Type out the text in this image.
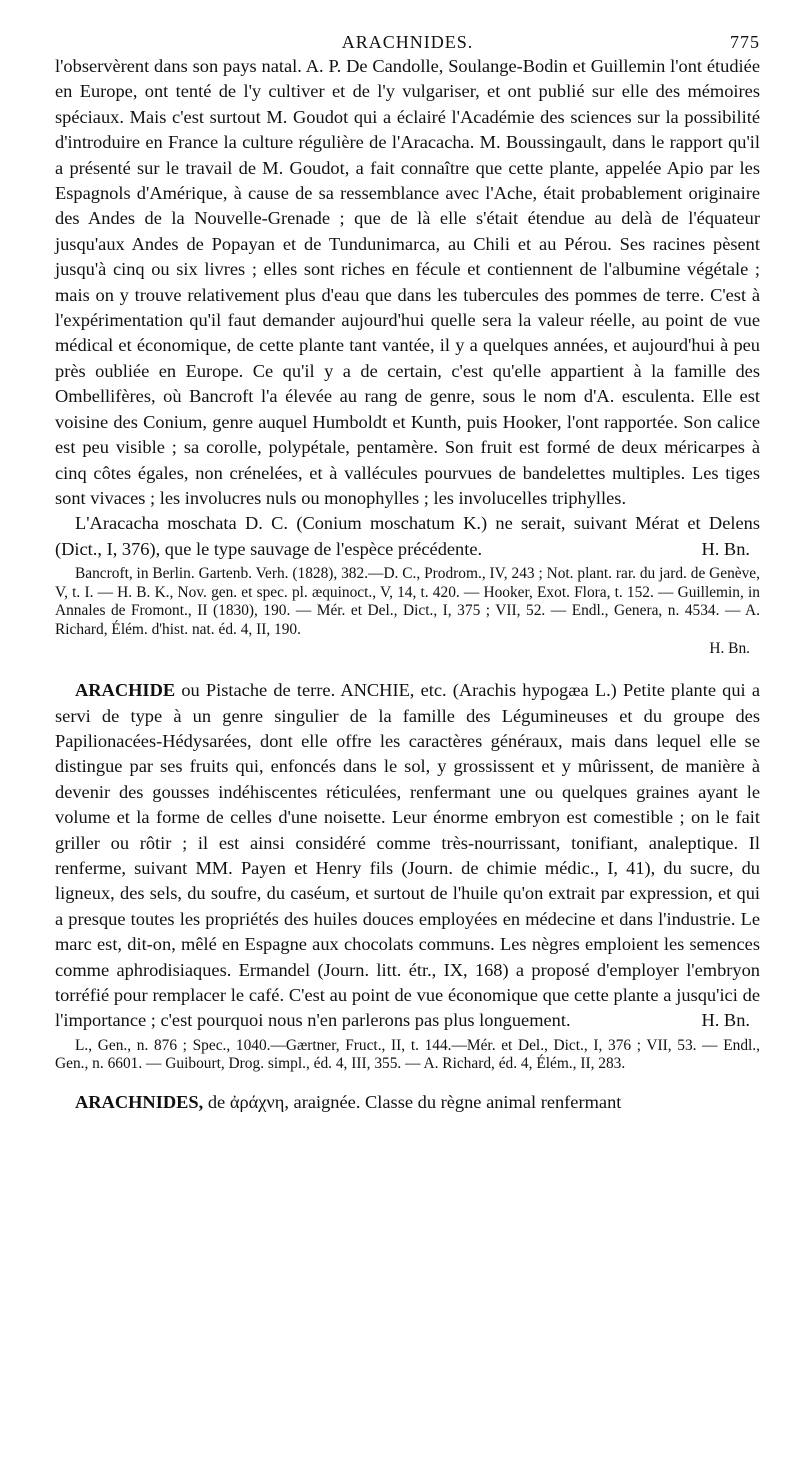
ARACHNIDES.	775

l'observèrent dans son pays natal. A. P. De Candolle, Soulange-Bodin et Guillemin l'ont étudiée en Europe, ont tenté de l'y cultiver et de l'y vulgariser, et ont publié sur elle des mémoires spéciaux. Mais c'est surtout M. Goudot qui a éclairé l'Académie des sciences sur la possibilité d'introduire en France la culture régulière de l'Aracacha. M. Boussingault, dans le rapport qu'il a présenté sur le travail de M. Goudot, a fait connaître que cette plante, appelée Apio par les Espagnols d'Amérique, à cause de sa ressemblance avec l'Ache, était probablement originaire des Andes de la Nouvelle-Grenade ; que de là elle s'était étendue au delà de l'équateur jusqu'aux Andes de Popayan et de Tundunimarca, au Chili et au Pérou. Ses racines pèsent jusqu'à cinq ou six livres ; elles sont riches en fécule et contiennent de l'albumine végétale ; mais on y trouve relativement plus d'eau que dans les tubercules des pommes de terre. C'est à l'expérimentation qu'il faut demander aujourd'hui quelle sera la valeur réelle, au point de vue médical et économique, de cette plante tant vantée, il y a quelques années, et aujourd'hui à peu près oubliée en Europe. Ce qu'il y a de certain, c'est qu'elle appartient à la famille des Ombellifères, où Bancroft l'a élevée au rang de genre, sous le nom d'A. esculenta. Elle est voisine des Conium, genre auquel Humboldt et Kunth, puis Hooker, l'ont rapportée. Son calice est peu visible ; sa corolle, polypétale, pentamère. Son fruit est formé de deux méricarpes à cinq côtes égales, non crénelées, et à vallécules pourvues de bandelettes multiples. Les tiges sont vivaces ; les involucres nuls ou monophylles ; les involucelles triphylles.

L'Aracacha moschata D. C. (Conium moschatum K.) ne serait, suivant Mérat et Delens (Dict., I, 376), que le type sauvage de l'espèce précédente.	H. Bn.

Bancroft, in Berlin. Gartenb. Verh. (1828), 382.—D. C., Prodrom., IV, 243 ; Not. plant. rar. du jard. de Genève, V, t. I. — H. B. K., Nov. gen. et spec. pl. æquinoct., V, 14, t. 420. — Hooker, Exot. Flora, t. 152. — Guillemin, in Annales de Fromont., II (1830), 190. — Mér. et Del., Dict., I, 375 ; VII, 52. — Endl., Genera, n. 4534. — A. Richard, Élém. d'hist. nat. éd. 4, II, 190.

H. Bn.

ARACHIDE ou Pistache de terre. ANCHIE, etc. (Arachis hypogæa L.) Petite plante qui a servi de type à un genre singulier de la famille des Légumineuses et du groupe des Papilionacées-Hédysarées, dont elle offre les caractères généraux, mais dans lequel elle se distingue par ses fruits qui, enfoncés dans le sol, y grossissent et y mûrissent, de manière à devenir des gousses indéhiscentes réticulées, renfermant une ou quelques graines ayant le volume et la forme de celles d'une noisette. Leur énorme embryon est comestible ; on le fait griller ou rôtir ; il est ainsi considéré comme très-nourrissant, tonifiant, analeptique. Il renferme, suivant MM. Payen et Henry fils (Journ. de chimie médic., I, 41), du sucre, du ligneux, des sels, du soufre, du caséum, et surtout de l'huile qu'on extrait par expression, et qui a presque toutes les propriétés des huiles douces employées en médecine et dans l'industrie. Le marc est, dit-on, mêlé en Espagne aux chocolats communs. Les nègres emploient les semences comme aphrodisiaques. Ermandel (Journ. litt. étr., IX, 168) a proposé d'employer l'embryon torréfié pour remplacer le café. C'est au point de vue économique que cette plante a jusqu'ici de l'importance ; c'est pourquoi nous n'en parlerons pas plus longuement.	H. Bn.

L., Gen., n. 876 ; Spec., 1040.—Gærtner, Fruct., II, t. 144.—Mér. et Del., Dict., I, 376 ; VII, 53. — Endl., Gen., n. 6601. — Guibourt, Drog. simpl., éd. 4, III, 355. — A. Richard, éd. 4, Élém., II, 283.

ARACHNIDES, de ἀράχνη, araignée. Classe du règne animal renfermant
